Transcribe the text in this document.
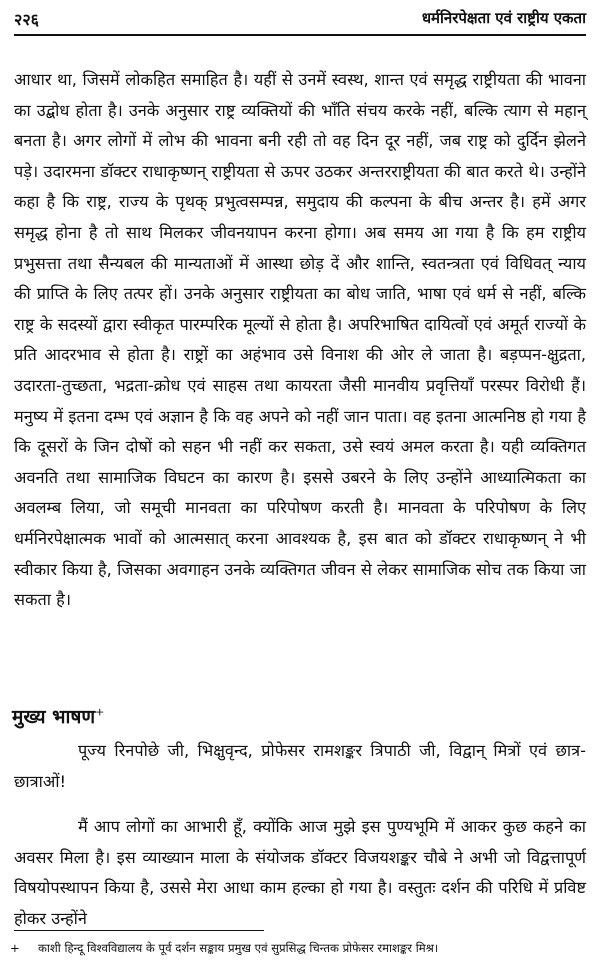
२२६	धर्मनिरपेक्षता एवं राष्ट्रीय एकता

आधार था, जिसमें लोकहित समाहित है। यहीं से उनमें स्वस्थ, शान्त एवं समृद्ध राष्ट्रीयता की भावना का उद्बोध होता है। उनके अनुसार राष्ट्र व्यक्तियों की भाँति संचय करके नहीं, बल्कि त्याग से महान् बनता है। अगर लोगों में लोभ की भावना बनी रही तो वह दिन दूर नहीं, जब राष्ट्र को दुर्दिन झेलने पड़े। उदारमना डॉक्टर राधाकृष्णन् राष्ट्रीयता से ऊपर उठकर अन्तरराष्ट्रीयता की बात करते थे। उन्होंने कहा है कि राष्ट्र, राज्य के पृथक् प्रभुत्वसम्पन्न, समुदाय की कल्पना के बीच अन्तर है। हमें अगर समृद्ध होना है तो साथ मिलकर जीवनयापन करना होगा। अब समय आ गया है कि हम राष्ट्रीय प्रभुसत्ता तथा सैन्यबल की मान्यताओं में आस्था छोड़ दें और शान्ति, स्वतन्त्रता एवं विधिवत् न्याय की प्राप्ति के लिए तत्पर हों। उनके अनुसार राष्ट्रीयता का बोध जाति, भाषा एवं धर्म से नहीं, बल्कि राष्ट्र के सदस्यों द्वारा स्वीकृत पारम्परिक मूल्यों से होता है। अपरिभाषित दायित्वों एवं अमूर्त राज्यों के प्रति आदरभाव से होता है। राष्ट्रों का अहंभाव उसे विनाश की ओर ले जाता है। बड़प्पन-क्षुद्रता, उदारता-तुच्छता, भद्रता-क्रोध एवं साहस तथा कायरता जैसी मानवीय प्रवृत्तियाँ परस्पर विरोधी हैं। मनुष्य में इतना दम्भ एवं अज्ञान है कि वह अपने को नहीं जान पाता। वह इतना आत्मनिष्ठ हो गया है कि दूसरों के जिन दोषों को सहन भी नहीं कर सकता, उसे स्वयं अमल करता है। यही व्यक्तिगत अवनति तथा सामाजिक विघटन का कारण है। इससे उबरने के लिए उन्होंने आध्यात्मिकता का अवलम्ब लिया, जो समूची मानवता का परिपोषण करती है। मानवता के परिपोषण के लिए धर्मनिरपेक्षात्मक भावों को आत्मसात् करना आवश्यक है, इस बात को डॉक्टर राधाकृष्णन् ने भी स्वीकार किया है, जिसका अवगाहन उनके व्यक्तिगत जीवन से लेकर सामाजिक सोच तक किया जा सकता है।

मुख्य भाषण+

पूज्य रिनपोछे जी, भिक्षुवृन्द, प्रोफेसर रामशङ्कर त्रिपाठी जी, विद्वान् मित्रों एवं छात्र-छात्राओं!

मैं आप लोगों का आभारी हूँ, क्योंकि आज मुझे इस पुण्यभूमि में आकर कुछ कहने का अवसर मिला है। इस व्याख्यान माला के संयोजक डॉक्टर विजयशङ्कर चौबे ने अभी जो विद्वत्तापूर्ण विषयोपस्थापन किया है, उससे मेरा आधा काम हल्का हो गया है। वस्तुतः दर्शन की परिधि में प्रविष्ट होकर उन्होंने

+ काशी हिन्दू विश्वविद्यालय के पूर्व दर्शन सङ्काय प्रमुख एवं सुप्रसिद्ध चिन्तक प्रोफेसर रमाशङ्कर मिश्र।
